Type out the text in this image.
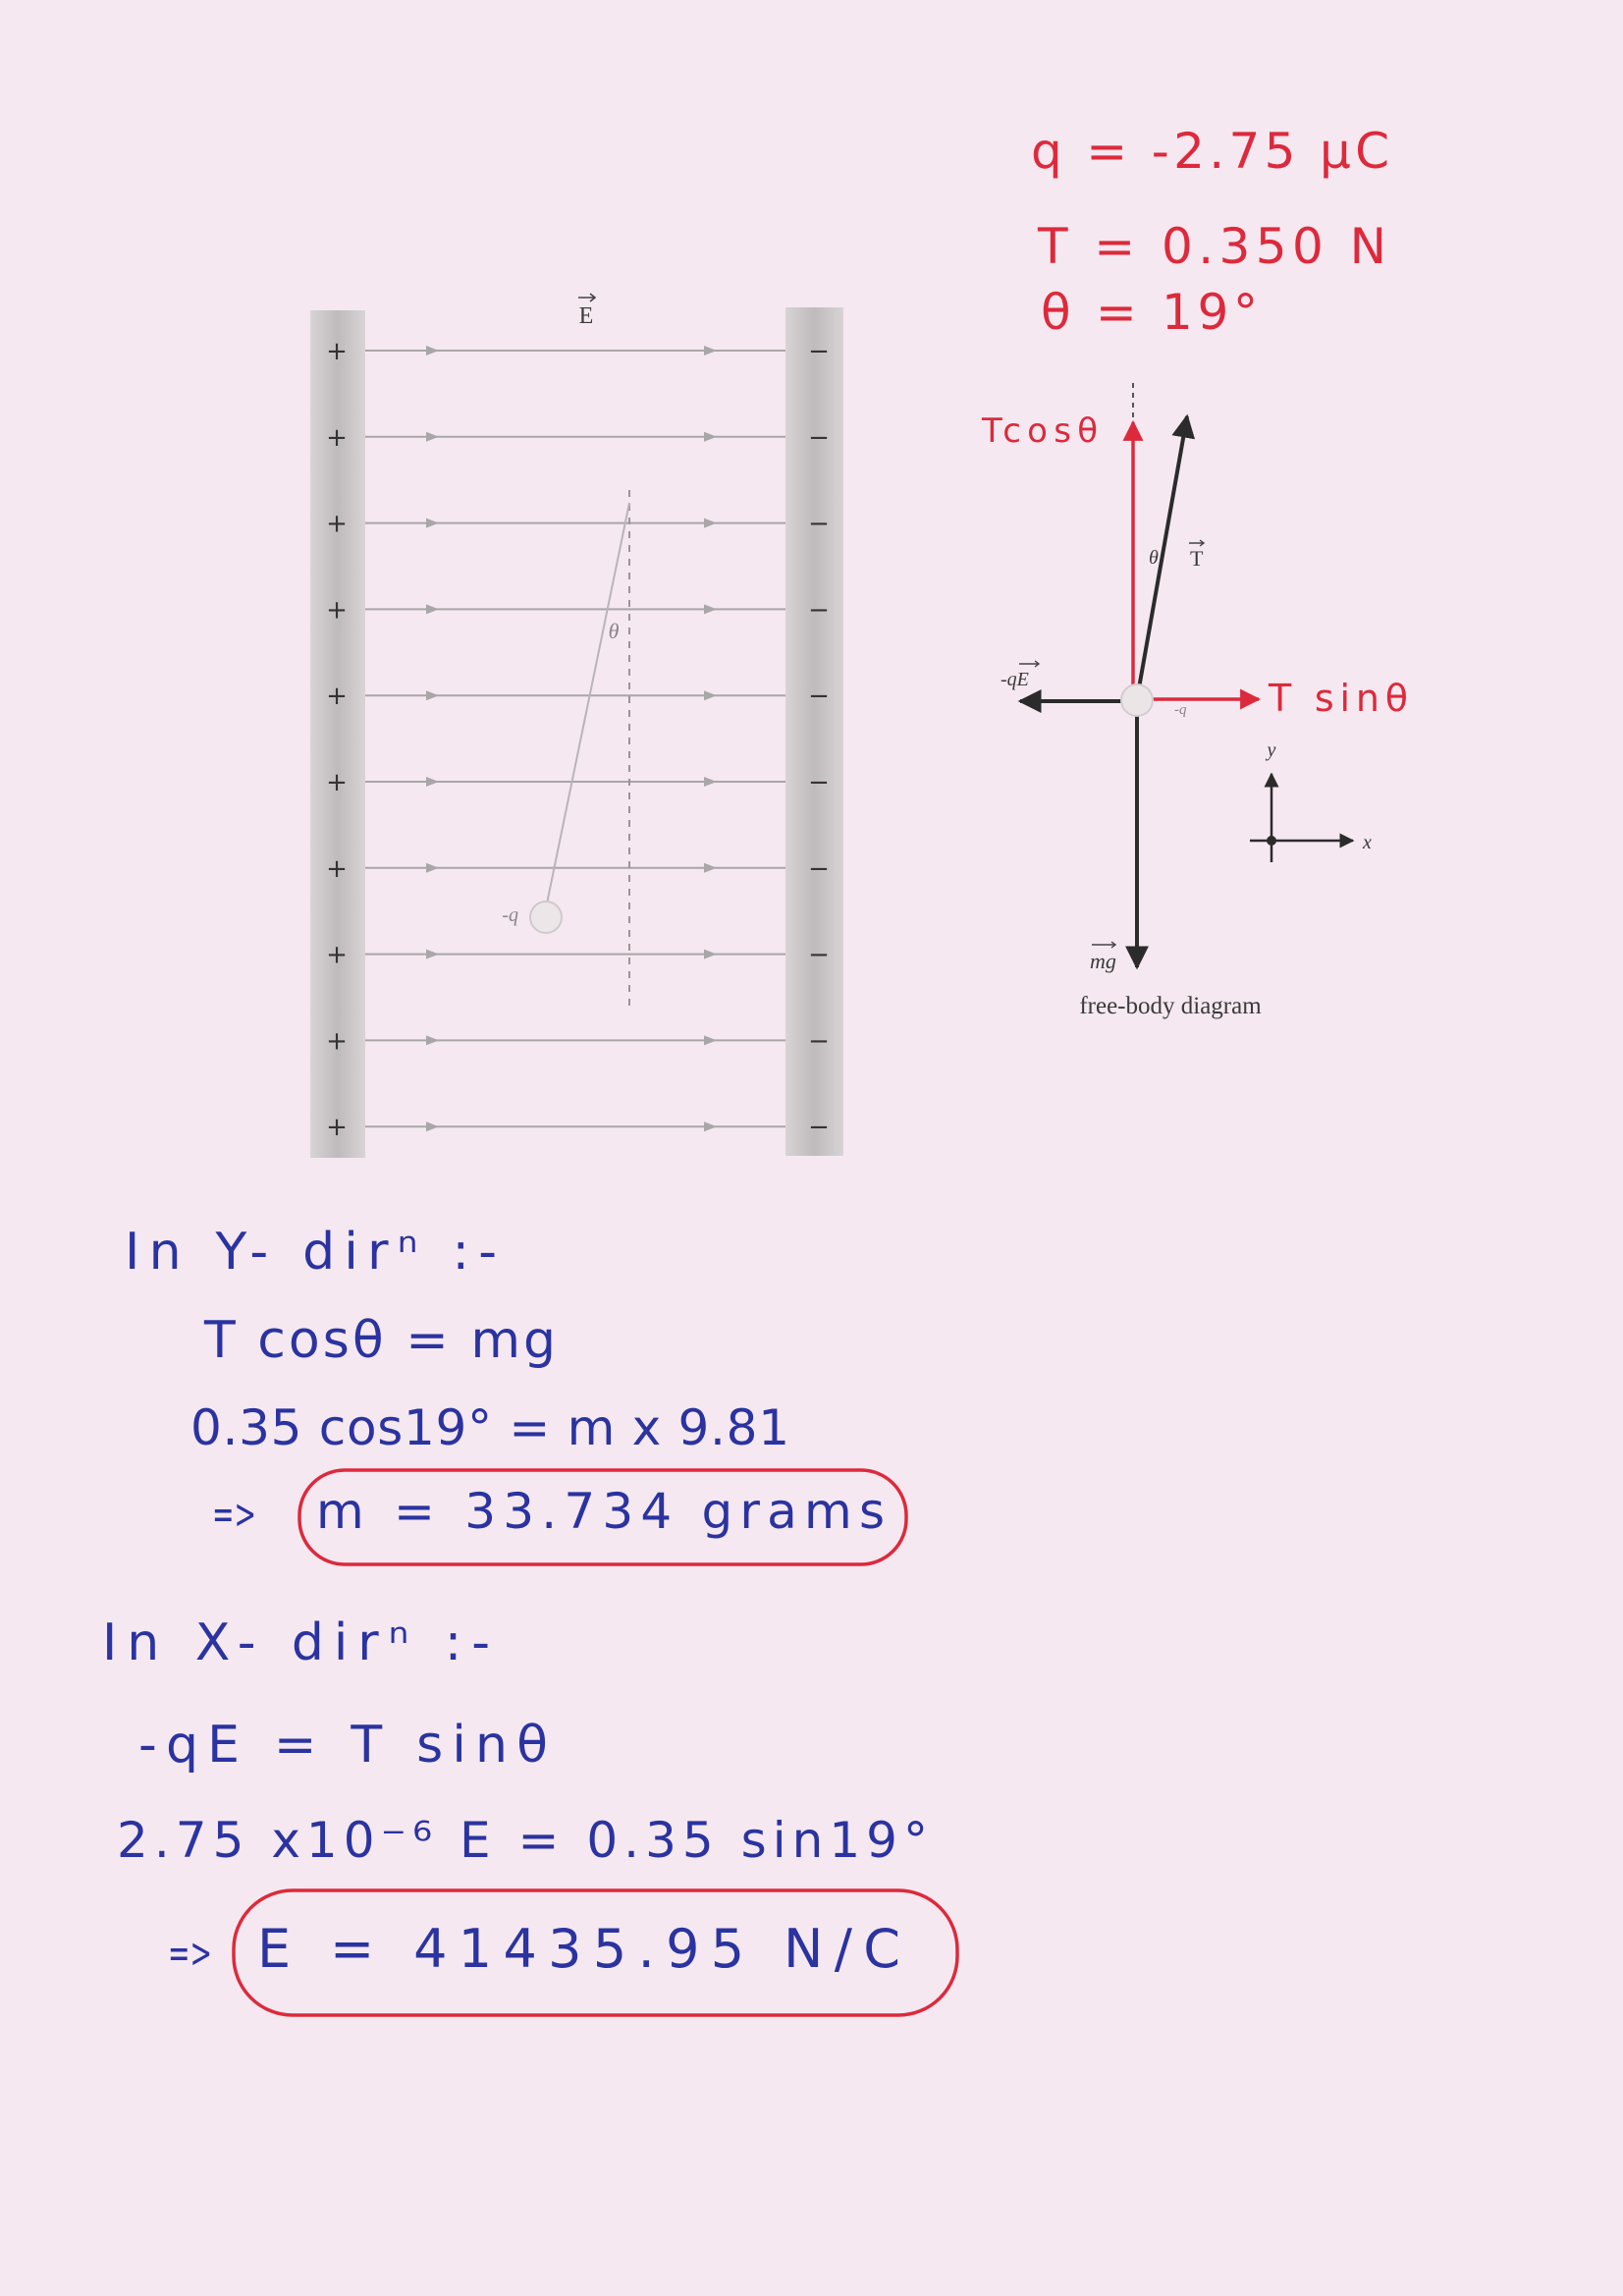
q = -2.75 μC
T = 0.350 N
θ = 19°
+	−
+	−
+	−
+	−
+	−
+	−
+	−
+	−
+	−
+	−
E
θ
-q
Tcosθ
T sinθ
θ T
-qE
-q
mg
y
x
free-body diagram
In Y- dirⁿ :-
T cosθ = mg
0.35 cos19° = m x 9.81
=> m = 33.734 grams
In X- dirⁿ :-
-qE = T sinθ
2.75 x10⁻⁶ E = 0.35 sin19°
=> E = 41435.95 N/C
